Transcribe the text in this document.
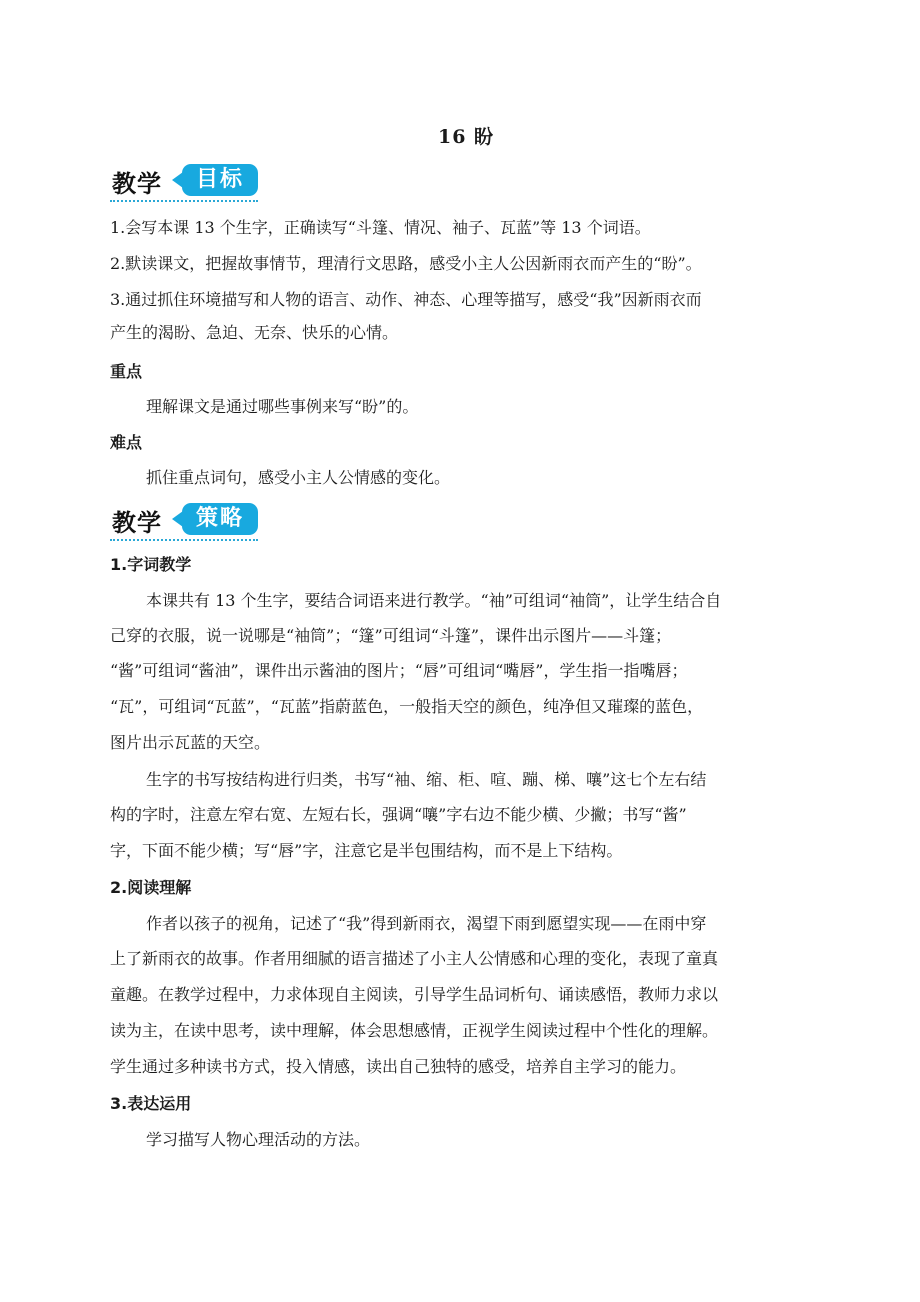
16 盼
教学	目标
1.会写本课 13 个生字，正确读写“斗篷、情况、袖子、瓦蓝”等 13 个词语。
2.默读课文，把握故事情节，理清行文思路，感受小主人公因新雨衣而产生的“盼”。
3.通过抓住环境描写和人物的语言、动作、神态、心理等描写，感受“我”因新雨衣而
产生的渴盼、急迫、无奈、快乐的心情。
重点
理解课文是通过哪些事例来写“盼”的。
难点
抓住重点词句，感受小主人公情感的变化。
教学	策略
1.字词教学
本课共有 13 个生字，要结合词语来进行教学。“袖”可组词“袖筒”，让学生结合自
己穿的衣服，说一说哪是“袖筒”；“篷”可组词“斗篷”，课件出示图片——斗篷；
“酱”可组词“酱油”，课件出示酱油的图片；“唇”可组词“嘴唇”，学生指一指嘴唇；
“瓦”，可组词“瓦蓝”，“瓦蓝”指蔚蓝色，一般指天空的颜色，纯净但又璀璨的蓝色，
图片出示瓦蓝的天空。
生字的书写按结构进行归类，书写“袖、缩、柜、喧、蹦、梯、嚷”这七个左右结
构的字时，注意左窄右宽、左短右长，强调“嚷”字右边不能少横、少撇；书写“酱”
字，下面不能少横；写“唇”字，注意它是半包围结构，而不是上下结构。
2.阅读理解
作者以孩子的视角，记述了“我”得到新雨衣，渴望下雨到愿望实现——在雨中穿
上了新雨衣的故事。作者用细腻的语言描述了小主人公情感和心理的变化，表现了童真
童趣。在教学过程中，力求体现自主阅读，引导学生品词析句、诵读感悟，教师力求以
读为主，在读中思考，读中理解，体会思想感情，正视学生阅读过程中个性化的理解。
学生通过多种读书方式，投入情感，读出自己独特的感受，培养自主学习的能力。
3.表达运用
学习描写人物心理活动的方法。
